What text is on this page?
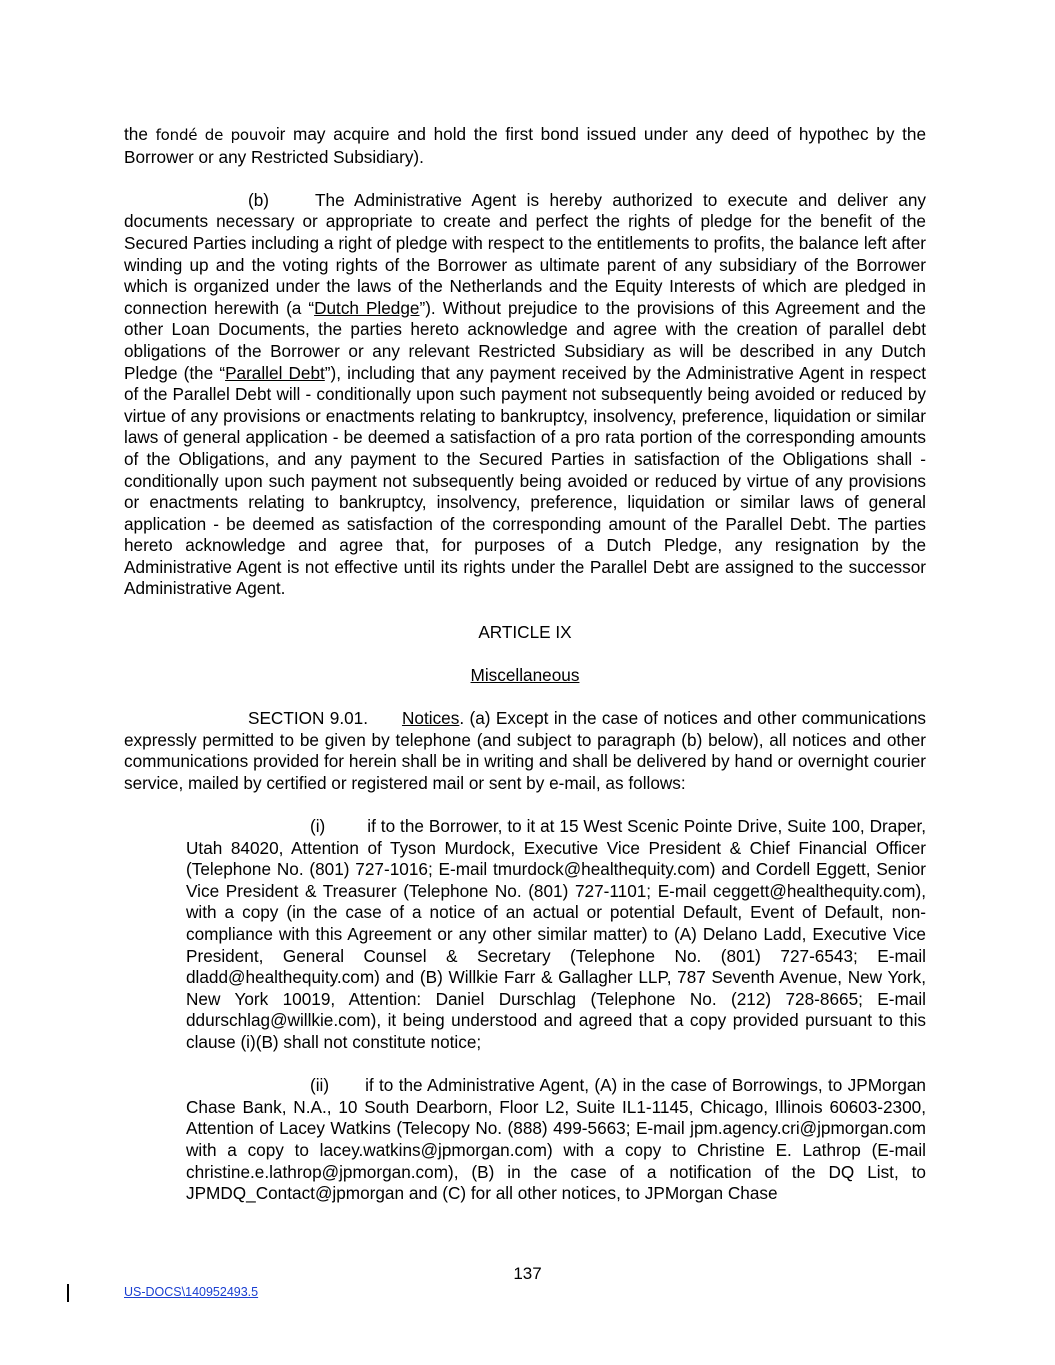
the fondé de pouvoir may acquire and hold the first bond issued under any deed of hypothec by the Borrower or any Restricted Subsidiary).

(b)	The Administrative Agent is hereby authorized to execute and deliver any documents necessary or appropriate to create and perfect the rights of pledge for the benefit of the Secured Parties including a right of pledge with respect to the entitlements to profits, the balance left after winding up and the voting rights of the Borrower as ultimate parent of any subsidiary of the Borrower which is organized under the laws of the Netherlands and the Equity Interests of which are pledged in connection herewith (a “Dutch Pledge”). Without prejudice to the provisions of this Agreement and the other Loan Documents, the parties hereto acknowledge and agree with the creation of parallel debt obligations of the Borrower or any relevant Restricted Subsidiary as will be described in any Dutch Pledge (the “Parallel Debt”), including that any payment received by the Administrative Agent in respect of the Parallel Debt will - conditionally upon such payment not subsequently being avoided or reduced by virtue of any provisions or enactments relating to bankruptcy, insolvency, preference, liquidation or similar laws of general application - be deemed a satisfaction of a pro rata portion of the corresponding amounts of the Obligations, and any payment to the Secured Parties in satisfaction of the Obligations shall - conditionally upon such payment not subsequently being avoided or reduced by virtue of any provisions or enactments relating to bankruptcy, insolvency, preference, liquidation or similar laws of general application - be deemed as satisfaction of the corresponding amount of the Parallel Debt. The parties hereto acknowledge and agree that, for purposes of a Dutch Pledge, any resignation by the Administrative Agent is not effective until its rights under the Parallel Debt are assigned to the successor Administrative Agent.

ARTICLE IX

Miscellaneous

SECTION 9.01. Notices. (a) Except in the case of notices and other communications expressly permitted to be given by telephone (and subject to paragraph (b) below), all notices and other communications provided for herein shall be in writing and shall be delivered by hand or overnight courier service, mailed by certified or registered mail or sent by e-mail, as follows:

(i) if to the Borrower, to it at 15 West Scenic Pointe Drive, Suite 100, Draper, Utah 84020, Attention of Tyson Murdock, Executive Vice President & Chief Financial Officer (Telephone No. (801) 727-1016; E-mail tmurdock@healthequity.com) and Cordell Eggett, Senior Vice President & Treasurer (Telephone No. (801) 727-1101; E-mail ceggett@healthequity.com), with a copy (in the case of a notice of an actual or potential Default, Event of Default, non-compliance with this Agreement or any other similar matter) to (A) Delano Ladd, Executive Vice President, General Counsel & Secretary (Telephone No. (801) 727-6543; E-mail dladd@healthequity.com) and (B) Willkie Farr & Gallagher LLP, 787 Seventh Avenue, New York, New York 10019, Attention: Daniel Durschlag (Telephone No. (212) 728-8665; E-mail ddurschlag@willkie.com), it being understood and agreed that a copy provided pursuant to this clause (i)(B) shall not constitute notice;

(ii) if to the Administrative Agent, (A) in the case of Borrowings, to JPMorgan Chase Bank, N.A., 10 South Dearborn, Floor L2, Suite IL1-1145, Chicago, Illinois 60603-2300, Attention of Lacey Watkins (Telecopy No. (888) 499-5663; E-mail jpm.agency.cri@jpmorgan.com with a copy to lacey.watkins@jpmorgan.com) with a copy to Christine E. Lathrop (E-mail christine.e.lathrop@jpmorgan.com), (B) in the case of a notification of the DQ List, to JPMDQ_Contact@jpmorgan and (C) for all other notices, to JPMorgan Chase

137
US-DOCS\140952493.5
